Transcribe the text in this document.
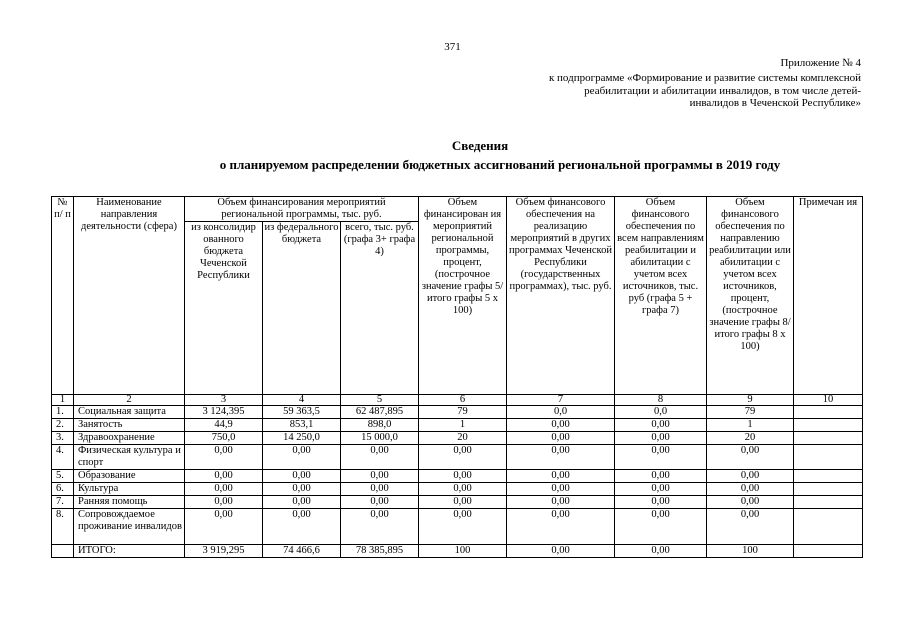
371
Приложение № 4
к подпрограмме «Формирование и развитие системы комплексной
реабилитации и абилитации инвалидов, в том числе детей-
инвалидов в Чеченской Республике»
Сведения
о планируемом распределении бюджетных ассигнований региональной программы в 2019 году
№ п/ п	Наименование направления деятельности (сфера)	Объем финансирования мероприятий региональной программы, тыс. руб.			Объем финансирован ия мероприятий региональной программы, процент, (построчное значение графы 5/ итого графы 5 х 100)	Объем финансового обеспечения на реализацию мероприятий в других программах Чеченской Республики (государственных программах), тыс. руб.	Объем финансового обеспечения по всем направлениям реабилитации и абилитации с учетом всех источников, тыс. руб (графа 5 + графа 7)	Объем финансового обеспечения по направлению реабилитации или абилитации с учетом всех источников, процент, (построчное значение графы 8/ итого графы 8 х 100)	Примечан ия
		из консолидир ованного бюджета Чеченской Республики	из федерального бюджета	всего, тыс. руб. (графа 3+ графа 4)					
1	2	3	4	5	6	7	8	9	10
1.	Социальная защита	3 124,395	59 363,5	62 487,895	79	0,0	0,0	79	
2.	Занятость	44,9	853,1	898,0	1	0,00	0,00	1	
3.	Здравоохранение	750,0	14 250,0	15 000,0	20	0,00	0,00	20	
4.	Физическая культура и спорт	0,00	0,00	0,00	0,00	0,00	0,00	0,00	
5.	Образование	0,00	0,00	0,00	0,00	0,00	0,00	0,00	
6.	Культура	0,00	0,00	0,00	0,00	0,00	0,00	0,00	
7.	Ранняя помощь	0,00	0,00	0,00	0,00	0,00	0,00	0,00	
8.	Сопровождаемое проживание инвалидов	0,00	0,00	0,00	0,00	0,00	0,00	0,00	
	ИТОГО:	3 919,295	74 466,6	78 385,895	100	0,00	0,00	100	
